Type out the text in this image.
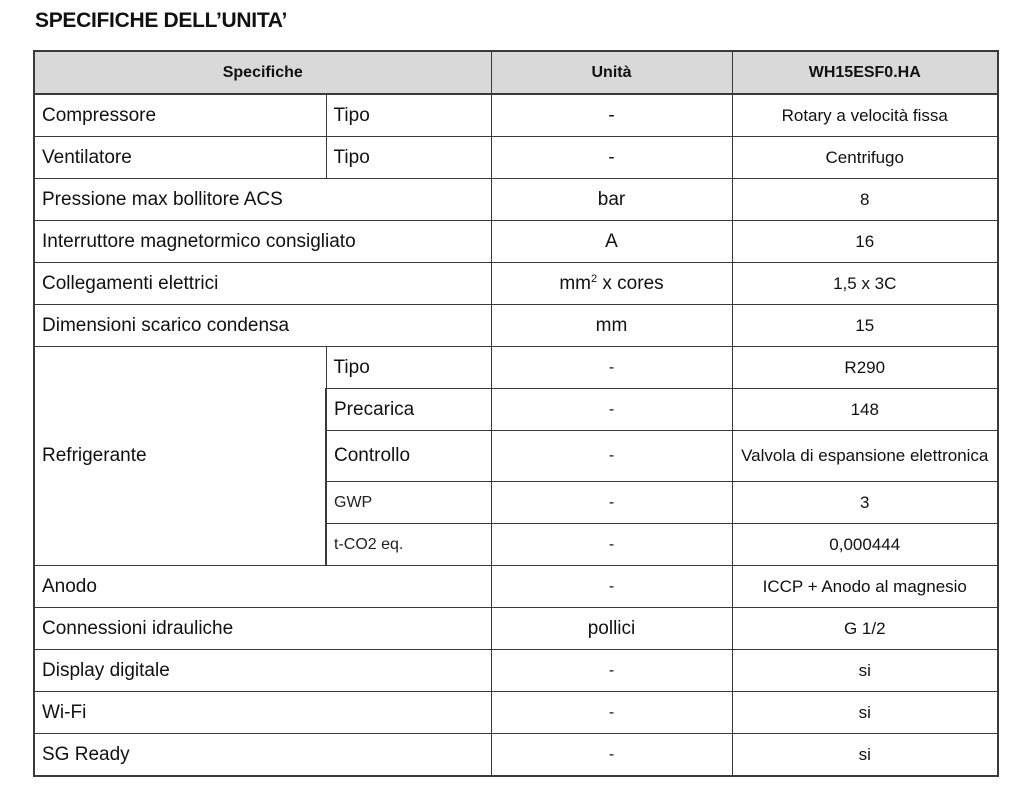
SPECIFICHE DELL’UNITA’
Specifiche		Unità	WH15ESF0.HA
Compressore	Tipo	-	Rotary a velocità fissa
Ventilatore	Tipo	-	Centrifugo
Pressione max bollitore ACS		bar	8
Interruttore magnetormico consigliato		A	16
Collegamenti elettrici		$mm^2$ x cores	1,5 x 3C
Dimensioni scarico condensa		mm	15
Refrigerante	Tipo	-	R290
	Precarica	-	148
	Controllo	-	Valvola di espansione elettronica
	GWP	-	3
	t-CO2 eq.	-	0,000444
Anodo		-	ICCP + Anodo al magnesio
Connessioni idrauliche		pollici	G 1/2
Display digitale		-	si
Wi-Fi		-	si
SG Ready		-	si
